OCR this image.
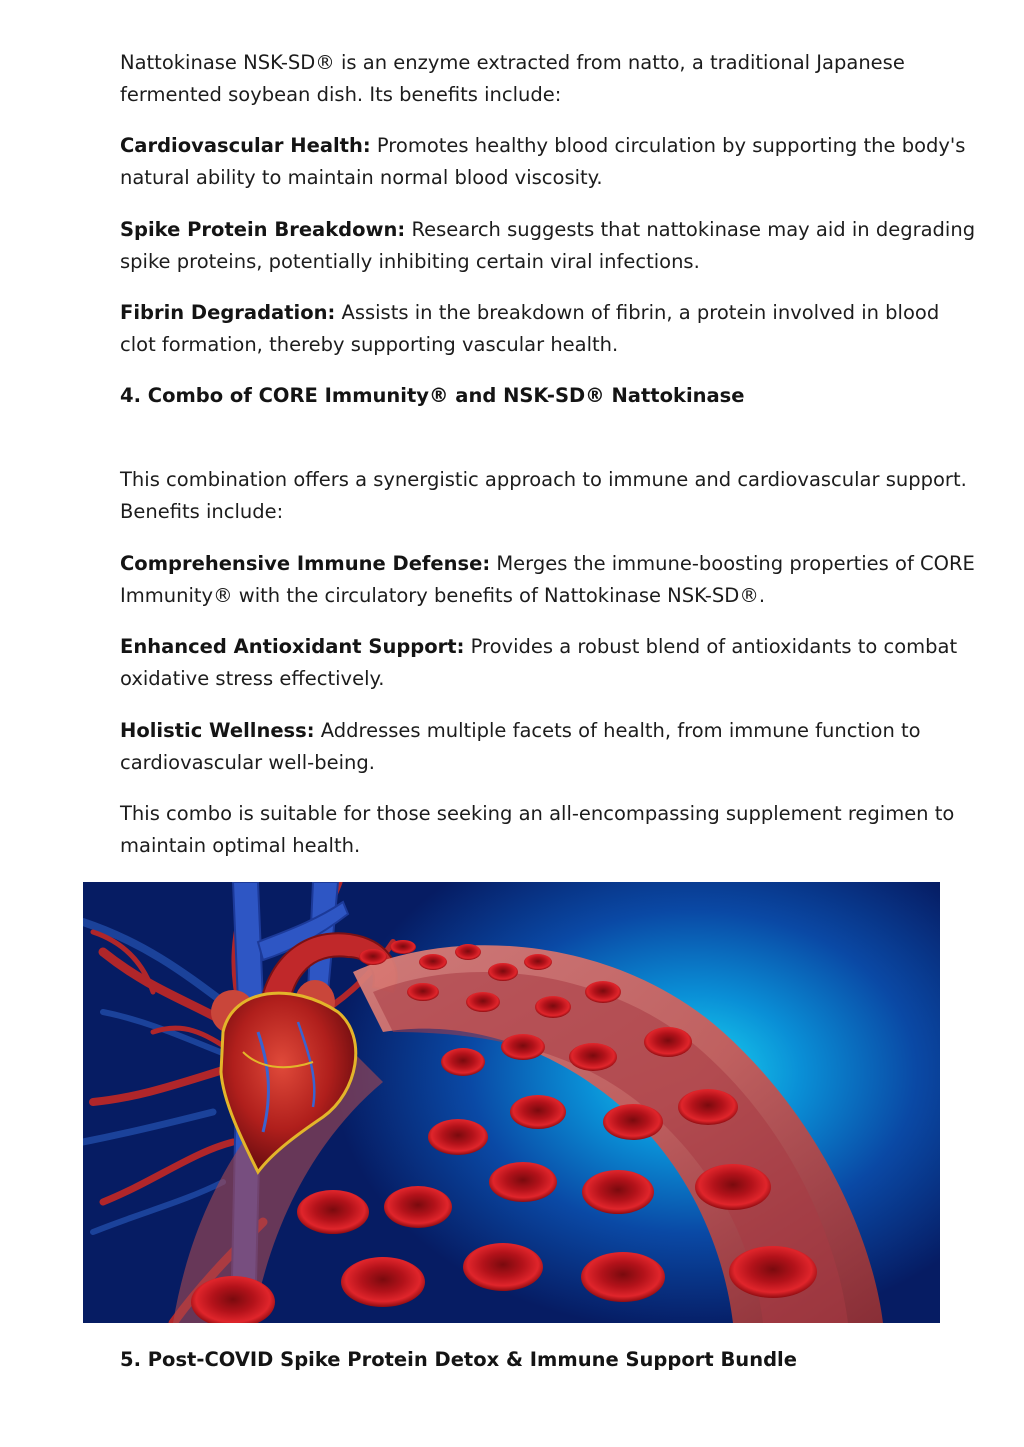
Nattokinase NSK-SD® is an enzyme extracted from natto, a traditional Japanese fermented soybean dish. Its benefits include:

Cardiovascular Health: Promotes healthy blood circulation by supporting the body's natural ability to maintain normal blood viscosity.

Spike Protein Breakdown: Research suggests that nattokinase may aid in degrading spike proteins, potentially inhibiting certain viral infections.

Fibrin Degradation: Assists in the breakdown of fibrin, a protein involved in blood clot formation, thereby supporting vascular health.

4. Combo of CORE Immunity® and NSK-SD® Nattokinase

This combination offers a synergistic approach to immune and cardiovascular support. Benefits include:

Comprehensive Immune Defense: Merges the immune-boosting properties of CORE Immunity® with the circulatory benefits of Nattokinase NSK-SD®.

Enhanced Antioxidant Support: Provides a robust blend of antioxidants to combat oxidative stress effectively.

Holistic Wellness: Addresses multiple facets of health, from immune function to cardiovascular well-being.

This combo is suitable for those seeking an all-encompassing supplement regimen to maintain optimal health.

5. Post-COVID Spike Protein Detox & Immune Support Bundle
